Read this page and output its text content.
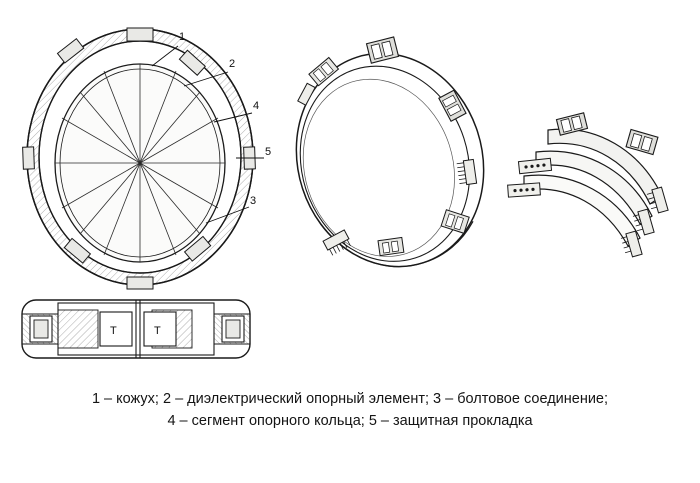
1
2
4
5
3
T	T
1 – кожух; 2 – диэлектрический опорный элемент; 3 – болтовое соединение;
4 – сегмент опорного кольца; 5 – защитная прокладка
